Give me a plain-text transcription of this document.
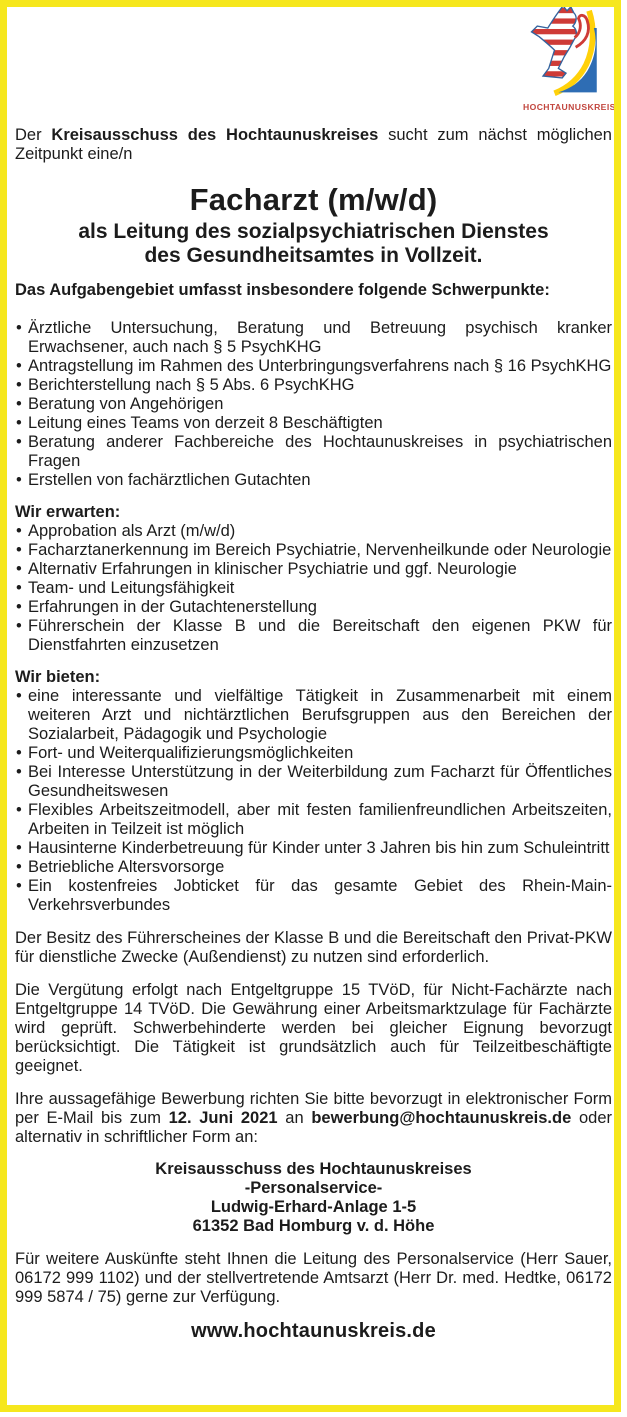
HOCHTAUNUSKREIS

Der Kreisausschuss des Hochtaunuskreises sucht zum nächst möglichen Zeitpunkt eine/n

Facharzt (m/w/d)

als Leitung des sozialpsychiatrischen Dienstes

des Gesundheitsamtes in Vollzeit.

Das Aufgabengebiet umfasst insbesondere folgende Schwerpunkte:

• Ärztliche Untersuchung, Beratung und Betreuung psychisch kranker Erwachsener, auch nach § 5 PsychKHG
• Antragstellung im Rahmen des Unterbringungsverfahrens nach § 16 PsychKHG
• Berichterstellung nach § 5 Abs. 6 PsychKHG
• Beratung von Angehörigen
• Leitung eines Teams von derzeit 8 Beschäftigten
• Beratung anderer Fachbereiche des Hochtaunuskreises in psychiatrischen Fragen
• Erstellen von fachärztlichen Gutachten

Wir erwarten:

• Approbation als Arzt (m/w/d)
• Facharztanerkennung im Bereich Psychiatrie, Nervenheilkunde oder Neurologie
• Alternativ Erfahrungen in klinischer Psychiatrie und ggf. Neurologie
• Team- und Leitungsfähigkeit
• Erfahrungen in der Gutachtenerstellung
• Führerschein der Klasse B und die Bereitschaft den eigenen PKW für Dienstfahrten einzusetzen

Wir bieten:

• eine interessante und vielfältige Tätigkeit in Zusammenarbeit mit einem weiteren Arzt und nichtärztlichen Berufsgruppen aus den Bereichen der Sozialarbeit, Pädagogik und Psychologie
• Fort- und Weiterqualifizierungsmöglichkeiten
• Bei Interesse Unterstützung in der Weiterbildung zum Facharzt für Öffentliches Gesundheitswesen
• Flexibles Arbeitszeitmodell, aber mit festen familienfreundlichen Arbeitszeiten, Arbeiten in Teilzeit ist möglich
• Hausinterne Kinderbetreuung für Kinder unter 3 Jahren bis hin zum Schuleintritt
• Betriebliche Altersvorsorge
• Ein kostenfreies Jobticket für das gesamte Gebiet des Rhein-Main-Verkehrsverbundes

Der Besitz des Führerscheines der Klasse B und die Bereitschaft den Privat-PKW für dienstliche Zwecke (Außendienst) zu nutzen sind erforderlich.

Die Vergütung erfolgt nach Entgeltgruppe 15 TVöD, für Nicht-Fachärzte nach Entgeltgruppe 14 TVöD. Die Gewährung einer Arbeitsmarktzulage für Fachärzte wird geprüft. Schwerbehinderte werden bei gleicher Eignung bevorzugt berücksichtigt. Die Tätigkeit ist grundsätzlich auch für Teilzeitbeschäftigte geeignet.

Ihre aussagefähige Bewerbung richten Sie bitte bevorzugt in elektronischer Form per E-Mail bis zum 12. Juni 2021 an bewerbung@hochtaunuskreis.de oder alternativ in schriftlicher Form an:

Kreisausschuss des Hochtaunuskreises
-Personalservice-
Ludwig-Erhard-Anlage 1-5
61352 Bad Homburg v. d. Höhe

Für weitere Auskünfte steht Ihnen die Leitung des Personalservice (Herr Sauer, 06172 999 1102) und der stellvertretende Amtsarzt (Herr Dr. med. Hedtke, 06172 999 5874 / 75) gerne zur Verfügung.

www.hochtaunuskreis.de
